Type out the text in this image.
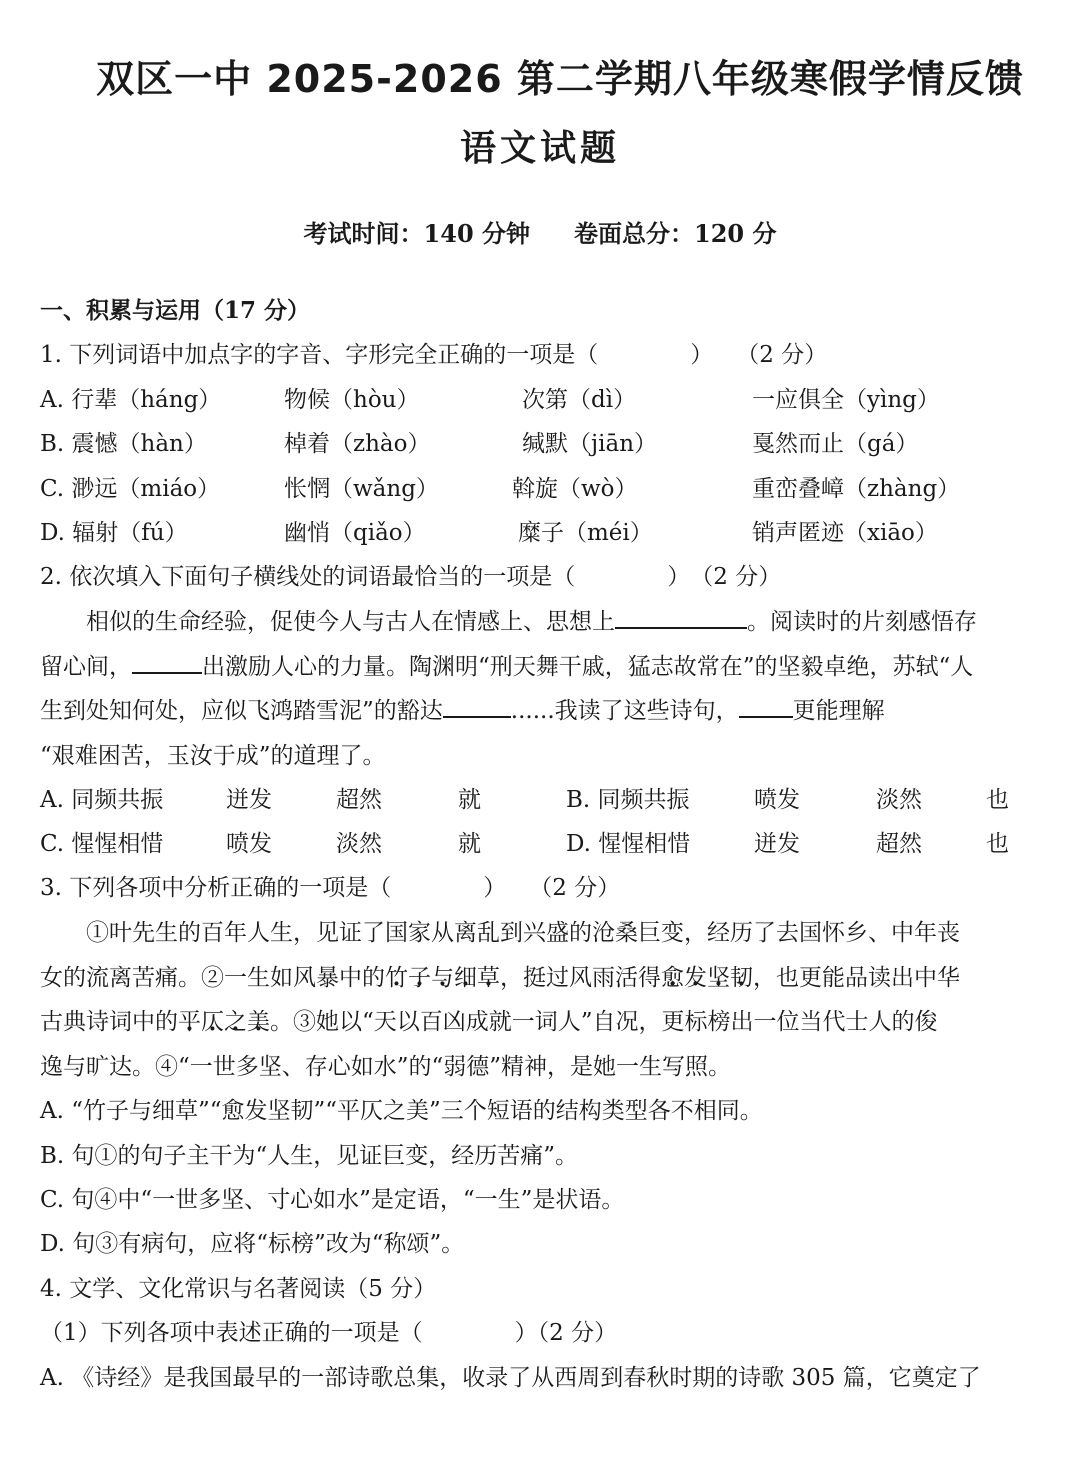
双区一中 2025-2026 第二学期八年级寒假学情反馈
语文试题
考试时间：140 分钟 卷面总分：120 分
一、积累与运用（17 分）
1. 下列词语中加点字的字音、字形完全正确的一项是（　　　　）　　（2 分）
A. 行辈（háng）	物候（hòu）	次第（dì）	一应俱全（yìng）
B. 震憾（hàn）	棹着（zhào）	缄默（jiān）	戛然而止（gá）
C. 渺远（miáo）	怅惘（wǎng）	斡旋（wò）	重峦叠嶂（zhàng）
D. 辐射（fú）	幽悄（qiǎo）	糜子（méi）	销声匿迹（xiāo）
2. 依次填入下面句子横线处的词语最恰当的一项是（　　　　）　（2 分）

相似的生命经验，促使今人与古人在情感上、思想上	。阅读时的片刻感悟存

留心间，	出激励人心的力量。陶渊明“刑天舞干戚，猛志故常在”的坚毅卓绝，苏轼“人

生到处知何处，应似飞鸿踏雪泥”的豁达	......我读了这些诗句， 更能理解

“艰难困苦，玉汝于成”的道理了。

A. 同频共振	迸发	超然	就	B. 同频共振	喷发	淡然	也
C. 惺惺相惜	喷发	淡然	就	D. 惺惺相惜	迸发	超然	也
3. 下列各项中分析正确的一项是（　　　　）　　（2 分）

①叶先生的百年人生，见证了国家从离乱到兴盛的沧桑巨变，经历了去国怀乡、中年丧

女的流离苦痛。②一生如风暴中的竹子与细草，挺过风雨活得愈发坚韧，也更能品读出中华

古典诗词中的平仄之美。③她以“天以百凶成就一词人”自况，更标榜出一位当代士人的俊

逸与旷达。④“一世多坚、存心如水”的“弱德”精神，是她一生写照。

A. “竹子与细草”“愈发坚韧”“平仄之美”三个短语的结构类型各不相同。
B. 句①的句子主干为“人生，见证巨变，经历苦痛”。
C. 句④中“一世多坚、寸心如水”是定语，“一生”是状语。
D. 句③有病句，应将“标榜”改为“称颂”。
4. 文学、文化常识与名著阅读（5 分）
（1）下列各项中表述正确的一项是（　　　　）（2 分）
A. 《诗经》是我国最早的一部诗歌总集，收录了从西周到春秋时期的诗歌 305 篇，它奠定了
